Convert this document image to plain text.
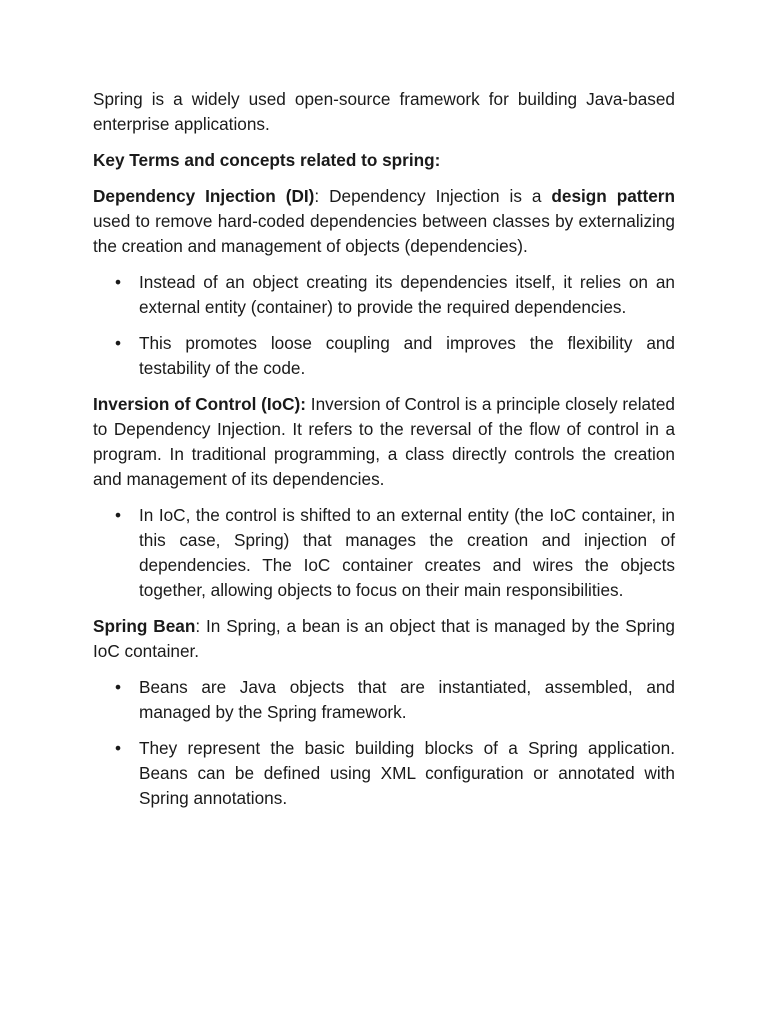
Spring is a widely used open-source framework for building Java-based enterprise applications.

Key Terms and concepts related to spring:

Dependency Injection (DI): Dependency Injection is a design pattern used to remove hard-coded dependencies between classes by externalizing the creation and management of objects (dependencies).

• Instead of an object creating its dependencies itself, it relies on an external entity (container) to provide the required dependencies.
• This promotes loose coupling and improves the flexibility and testability of the code.

Inversion of Control (IoC): Inversion of Control is a principle closely related to Dependency Injection. It refers to the reversal of the flow of control in a program. In traditional programming, a class directly controls the creation and management of its dependencies.

• In IoC, the control is shifted to an external entity (the IoC container, in this case, Spring) that manages the creation and injection of dependencies. The IoC container creates and wires the objects together, allowing objects to focus on their main responsibilities.

Spring Bean: In Spring, a bean is an object that is managed by the Spring IoC container.

• Beans are Java objects that are instantiated, assembled, and managed by the Spring framework.
• They represent the basic building blocks of a Spring application. Beans can be defined using XML configuration or annotated with Spring annotations.
